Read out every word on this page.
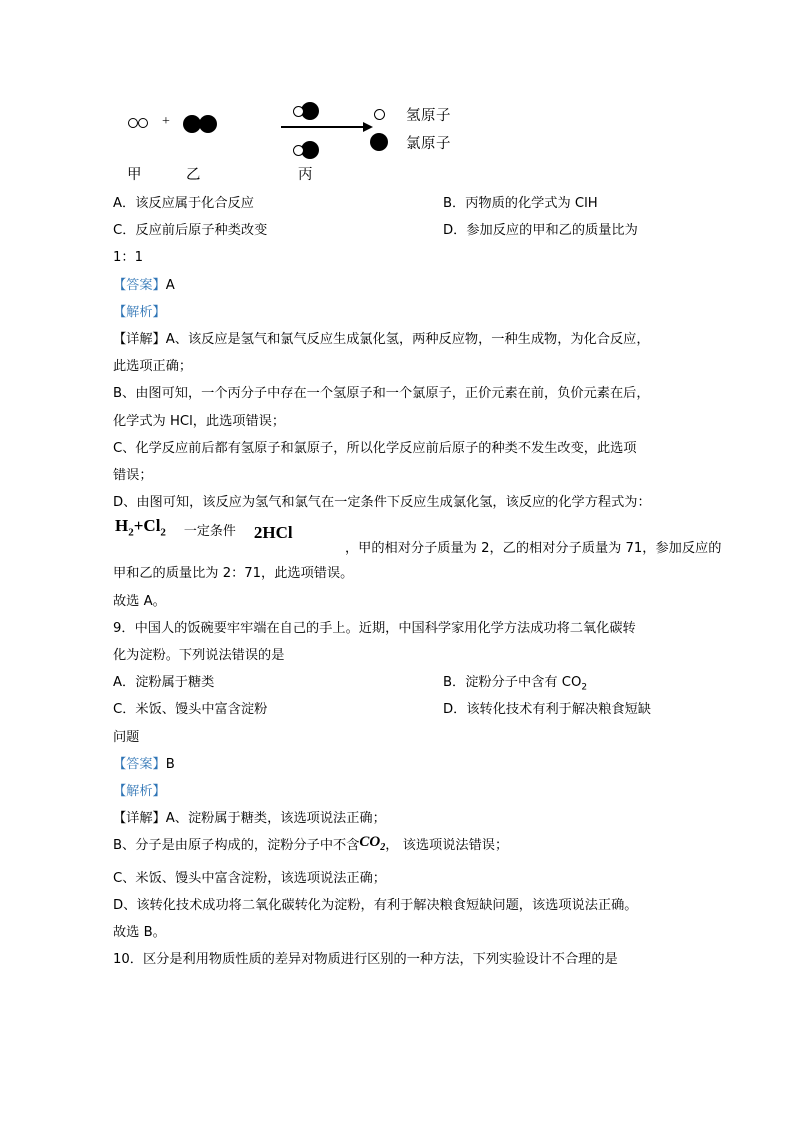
+	氢原子
氯原子
甲	乙	丙
A．该反应属于化合反应	B．丙物质的化学式为 ClH
C．反应前后原子种类改变	D．参加反应的甲和乙的质量比为
1：1
【答案】A
【解析】
【详解】A、该反应是氢气和氯气反应生成氯化氢，两种反应物，一种生成物，为化合反应，
此选项正确；
B、由图可知，一个丙分子中存在一个氢原子和一个氯原子，正价元素在前，负价元素在后，
化学式为 HCl，此选项错误；
C、化学反应前后都有氢原子和氯原子，所以化学反应前后原子的种类不发生改变，此选项
错误；
D、由图可知，该反应为氢气和氯气在一定条件下反应生成氯化氢，该反应的化学方程式为：
$H_2+Cl_2$	一定条件	2HCl
，甲的相对分子质量为 2，乙的相对分子质量为 71，参加反应的
甲和乙的质量比为 2：71，此选项错误。
故选 A。
9．中国人的饭碗要牢牢端在自己的手上。近期，中国科学家用化学方法成功将二氧化碳转
化为淀粉。下列说法错误的是
A．淀粉属于糖类	B．淀粉分子中含有 $CO_2$
C．米饭、馒头中富含淀粉	D．该转化技术有利于解决粮食短缺
问题
【答案】B
【解析】
【详解】A、淀粉属于糖类，该选项说法正确；
B、分子是由原子构成的，淀粉分子中不含$CO_2$， 该选项说法错误；
C、米饭、馒头中富含淀粉，该选项说法正确；
D、该转化技术成功将二氧化碳转化为淀粉，有利于解决粮食短缺问题，该选项说法正确。
故选 B。
10．区分是利用物质性质的差异对物质进行区别的一种方法，下列实验设计不合理的是
